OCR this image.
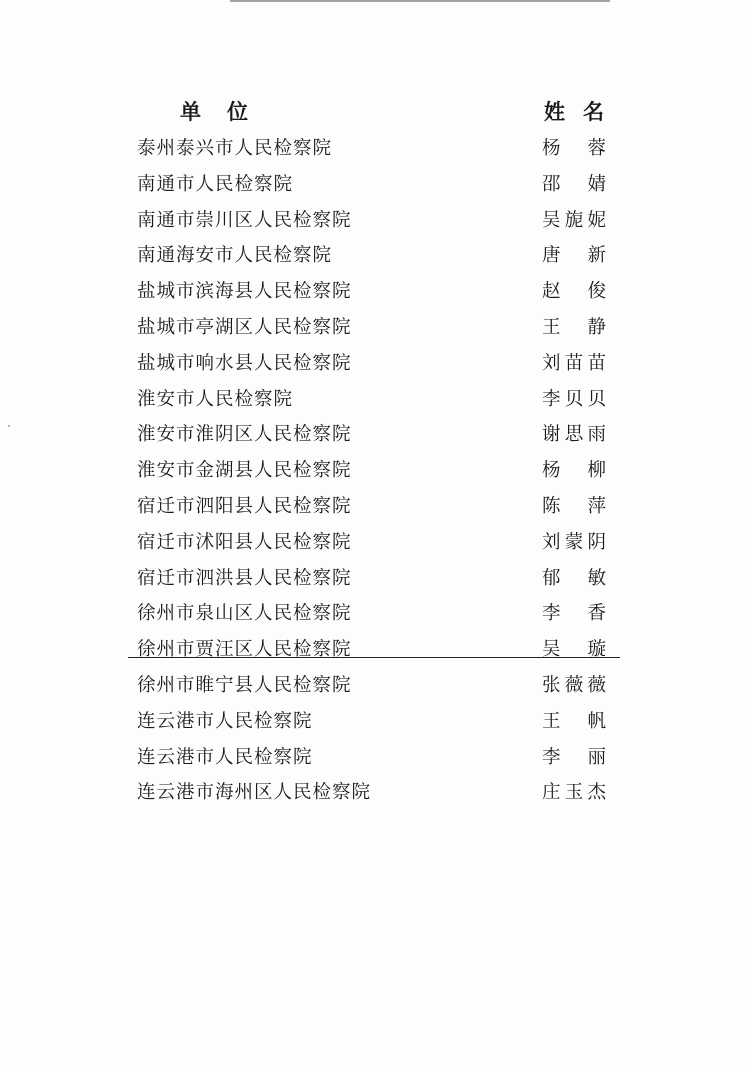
单位	姓名
泰州泰兴市人民检察院	杨 蓉
南通市人民检察院	邵 婧
南通市崇川区人民检察院	吴 旎 妮
南通海安市人民检察院	唐 新
盐城市滨海县人民检察院	赵 俊
盐城市亭湖区人民检察院	王 静
盐城市响水县人民检察院	刘 苗 苗
淮安市人民检察院	李 贝 贝
淮安市淮阴区人民检察院	谢 思 雨
淮安市金湖县人民检察院	杨 柳
宿迁市泗阳县人民检察院	陈 萍
宿迁市沭阳县人民检察院	刘 蒙 阴
宿迁市泗洪县人民检察院	郁 敏
徐州市泉山区人民检察院	李 香
徐州市贾汪区人民检察院	吴 璇
徐州市睢宁县人民检察院	张 薇 薇
连云港市人民检察院	王 帆
连云港市人民检察院	李 丽
连云港市海州区人民检察院	庄 玉 杰
